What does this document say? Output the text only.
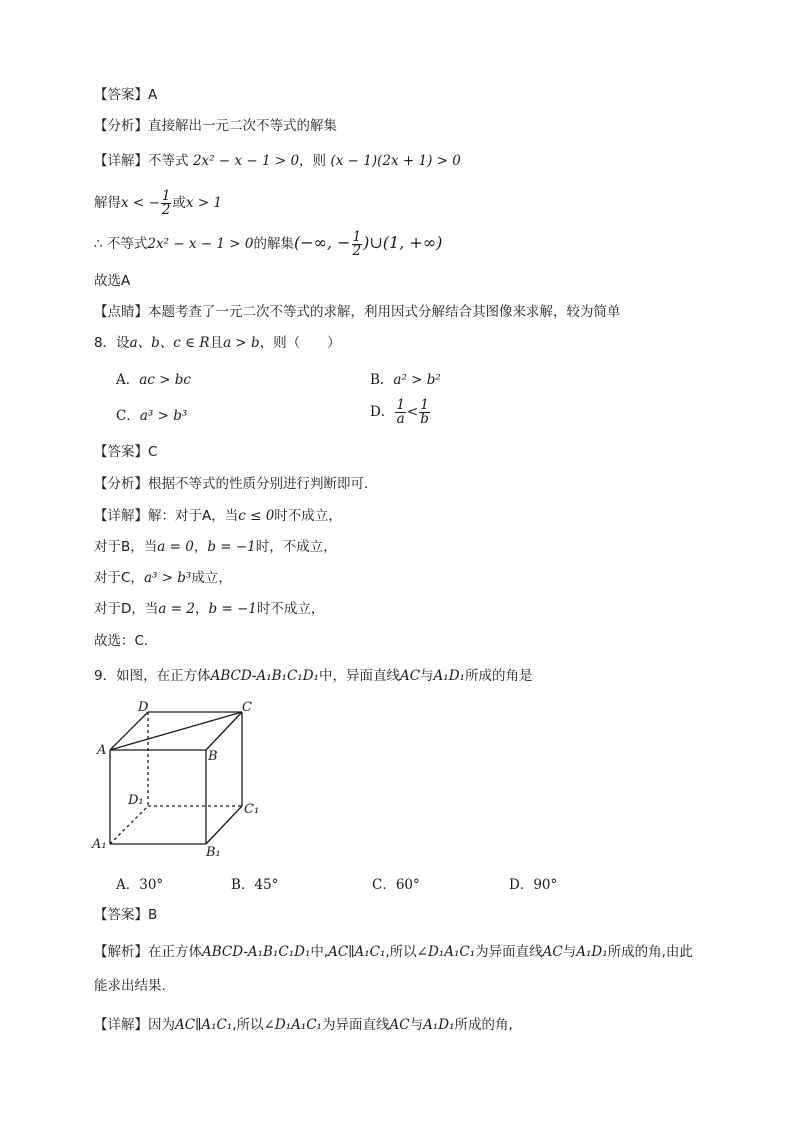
【答案】A
【分析】直接解出一元二次不等式的解集
【详解】不等式 2x² − x − 1 > 0，则 (x − 1)(2x + 1) > 0
解得x < − $\frac{1}{2}$ 或x > 1
∴ 不等式2x² − x − 1 > 0的解集(−∞, − $\frac{1}{2}$ )∪(1, +∞)
故选A
【点睛】本题考查了一元二次不等式的求解，利用因式分解结合其图像来求解，较为简单
8．设a、b、c ∈ R且a > b，则（　　）
A．ac > bc	B．a² > b²
C．a³ > b³	D． $\frac{1}{a} < \frac{1}{b}$
【答案】C
【分析】根据不等式的性质分别进行判断即可．
【详解】解：对于A，当c ≤ 0时不成立，
对于B，当a = 0，b = −1时，不成立，
对于C，a³ > b³成立，
对于D，当a = 2，b = −1时不成立，
故选：C．
9．如图，在正方体ABCD-A₁B₁C₁D₁中，异面直线AC与A₁D₁所成的角是
D	C
A	B
D₁
C₁
A₁
B₁
A．30°	B．45°	C．60°	D．90°
【答案】B
【解析】在正方体ABCD-A₁B₁C₁D₁中,AC∥A₁C₁,所以∠D₁A₁C₁为异面直线AC与A₁D₁所成的角,由此
能求出结果.
【详解】因为AC∥A₁C₁,所以∠D₁A₁C₁为异面直线AC与A₁D₁所成的角,
